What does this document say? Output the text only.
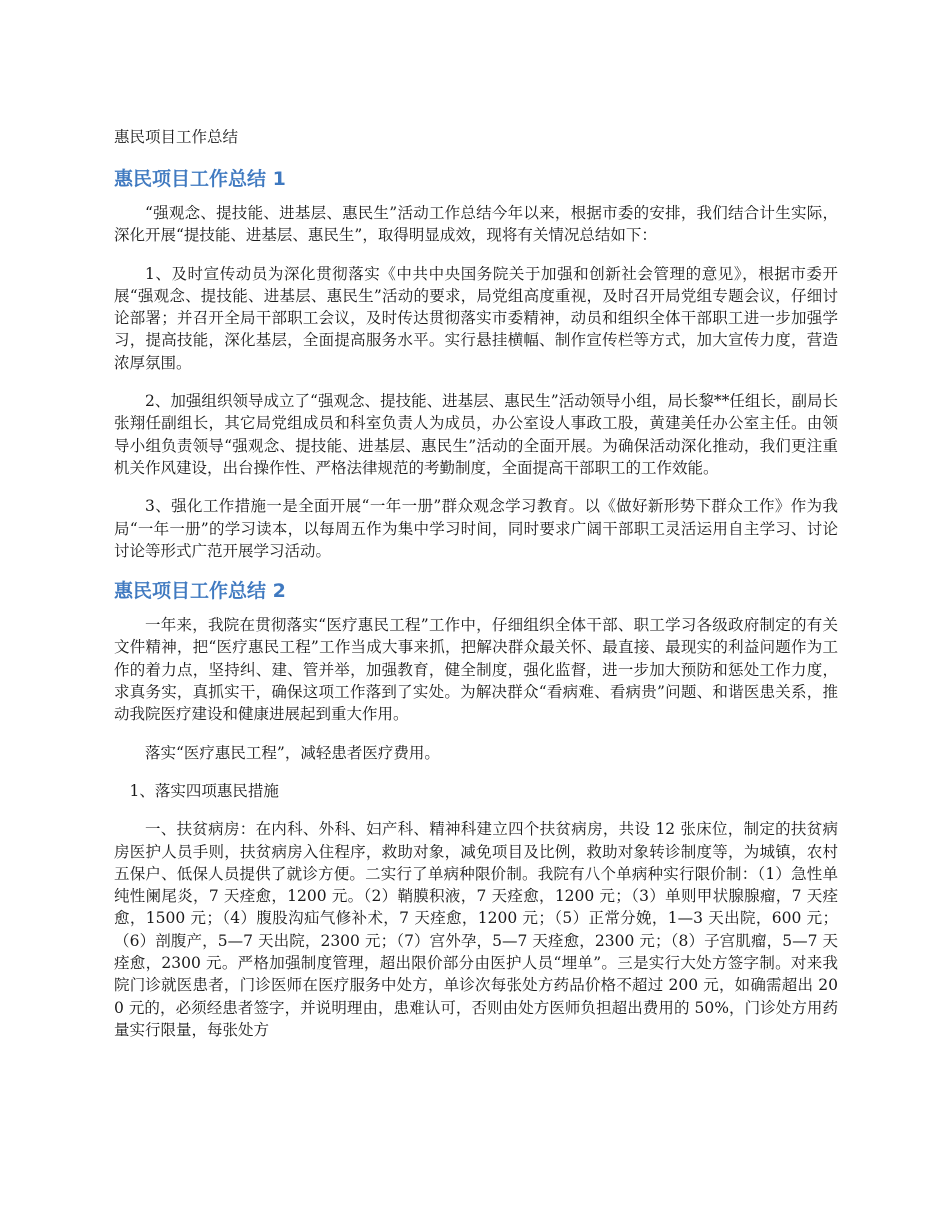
惠民项目工作总结
惠民项目工作总结 1

“强观念、提技能、进基层、惠民生”活动工作总结今年以来，根据市委的安排，我们结合计生实际，深化开展“提技能、进基层、惠民生”，取得明显成效，现将有关情况总结如下：

1、及时宣传动员为深化贯彻落实《中共中央国务院关于加强和创新社会管理的意见》，根据市委开展“强观念、提技能、进基层、惠民生”活动的要求，局党组高度重视，及时召开局党组专题会议，仔细讨论部署；并召开全局干部职工会议，及时传达贯彻落实市委精神，动员和组织全体干部职工进一步加强学习，提高技能，深化基层，全面提高服务水平。实行悬挂横幅、制作宣传栏等方式，加大宣传力度，营造浓厚氛围。

2、加强组织领导成立了“强观念、提技能、进基层、惠民生”活动领导小组，局长黎**任组长，副局长张翔任副组长，其它局党组成员和科室负责人为成员，办公室设人事政工股，黄建美任办公室主任。由领导小组负责领导“强观念、提技能、进基层、惠民生”活动的全面开展。为确保活动深化推动，我们更注重机关作风建设，出台操作性、严格法律规范的考勤制度，全面提高干部职工的工作效能。

3、强化工作措施一是全面开展“一年一册”群众观念学习教育。以《做好新形势下群众工作》作为我局“一年一册”的学习读本，以每周五作为集中学习时间，同时要求广阔干部职工灵活运用自主学习、讨论讨论等形式广范开展学习活动。

惠民项目工作总结 2

一年来，我院在贯彻落实“医疗惠民工程”工作中，仔细组织全体干部、职工学习各级政府制定的有关文件精神，把“医疗惠民工程”工作当成大事来抓，把解决群众最关怀、最直接、最现实的利益问题作为工作的着力点，坚持纠、建、管并举，加强教育，健全制度，强化监督，进一步加大预防和惩处工作力度，求真务实，真抓实干，确保这项工作落到了实处。为解决群众“看病难、看病贵”问题、和谐医患关系，推动我院医疗建设和健康进展起到重大作用。

落实“医疗惠民工程”，减轻患者医疗费用。

1、落实四项惠民措施

一、扶贫病房：在内科、外科、妇产科、精神科建立四个扶贫病房，共设 12 张床位，制定的扶贫病房医护人员手则，扶贫病房入住程序，救助对象，减免项目及比例，救助对象转诊制度等，为城镇，农村五保户、低保人员提供了就诊方便。二实行了单病种限价制。我院有八个单病种实行限价制：（1）急性单纯性阑尾炎，7 天痊愈，1200 元。（2）鞘膜积液，7 天痊愈，1200 元；（3）单则甲状腺腺瘤，7 天痊愈，1500 元；（4）腹股沟疝气修补术，7 天痊愈，1200 元；（5）正常分娩，1—3 天出院，600 元；（6）剖腹产，5—7 天出院，2300 元；（7）宫外孕，5—7 天痊愈，2300 元；（8）子宫肌瘤，5—7 天痊愈，2300 元。严格加强制度管理，超出限价部分由医护人员“埋单”。三是实行大处方签字制。对来我院门诊就医患者，门诊医师在医疗服务中处方，单诊次每张处方药品价格不超过 200 元，如确需超出 200 元的，必须经患者签字，并说明理由，患难认可，否则由处方医师负担超出费用的 50%，门诊处方用药量实行限量，每张处方
